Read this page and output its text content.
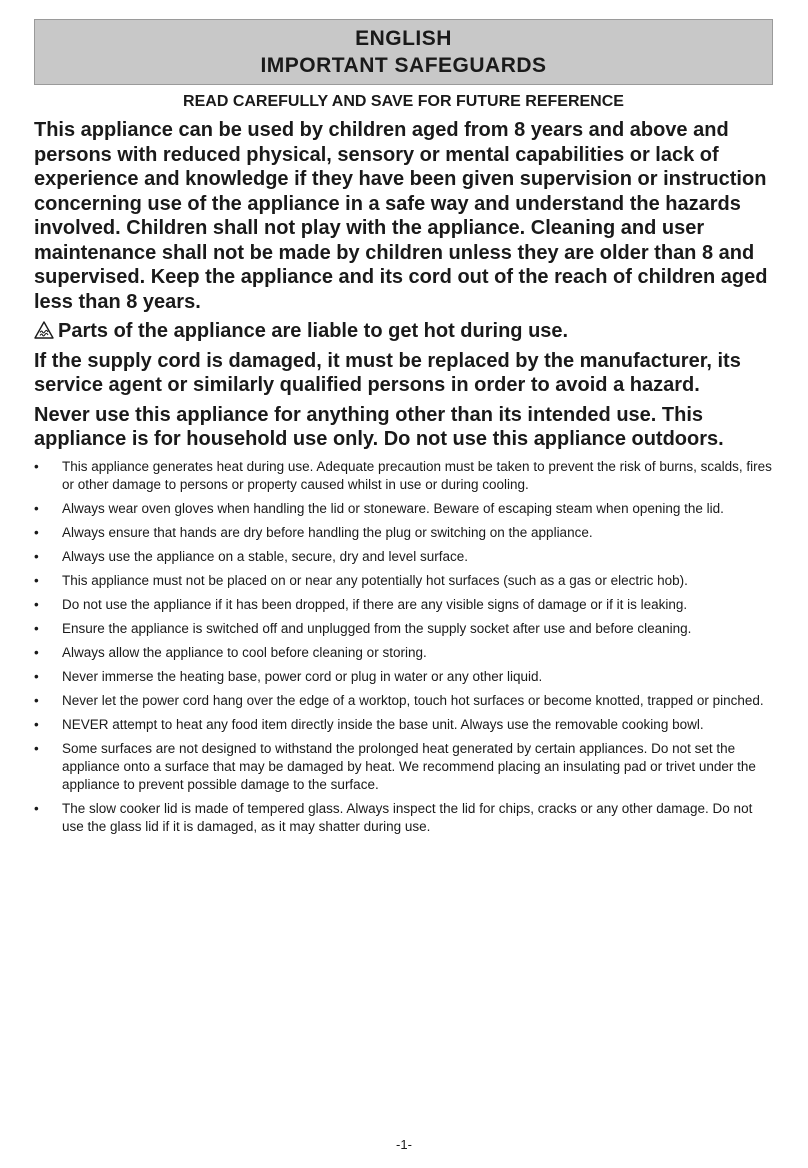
ENGLISH
IMPORTANT SAFEGUARDS
READ CAREFULLY AND SAVE FOR FUTURE REFERENCE

This appliance can be used by children aged from 8 years and above and persons with reduced physical, sensory or mental capabilities or lack of experience and knowledge if they have been given supervision or instruction concerning use of the appliance in a safe way and understand the hazards involved. Children shall not play with the appliance. Cleaning and user maintenance shall not be made by children unless they are older than 8 and supervised. Keep the appliance and its cord out of the reach of children aged less than 8 years.

Parts of the appliance are liable to get hot during use.

If the supply cord is damaged, it must be replaced by the manufacturer, its service agent or similarly qualified persons in order to avoid a hazard.

Never use this appliance for anything other than its intended use. This appliance is for household use only. Do not use this appliance outdoors.

• This appliance generates heat during use. Adequate precaution must be taken to prevent the risk of burns, scalds, fires or other damage to persons or property caused whilst in use or during cooling.
• Always wear oven gloves when handling the lid or stoneware. Beware of escaping steam when opening the lid.
• Always ensure that hands are dry before handling the plug or switching on the appliance.
• Always use the appliance on a stable, secure, dry and level surface.
• This appliance must not be placed on or near any potentially hot surfaces (such as a gas or electric hob).
• Do not use the appliance if it has been dropped, if there are any visible signs of damage or if it is leaking.
• Ensure the appliance is switched off and unplugged from the supply socket after use and before cleaning.
• Always allow the appliance to cool before cleaning or storing.
• Never immerse the heating base, power cord or plug in water or any other liquid.
• Never let the power cord hang over the edge of a worktop, touch hot surfaces or become knotted, trapped or pinched.
• NEVER attempt to heat any food item directly inside the base unit. Always use the removable cooking bowl.
• Some surfaces are not designed to withstand the prolonged heat generated by certain appliances. Do not set the appliance onto a surface that may be damaged by heat. We recommend placing an insulating pad or trivet under the appliance to prevent possible damage to the surface.
• The slow cooker lid is made of tempered glass. Always inspect the lid for chips, cracks or any other damage. Do not use the glass lid if it is damaged, as it may shatter during use.
-1-
